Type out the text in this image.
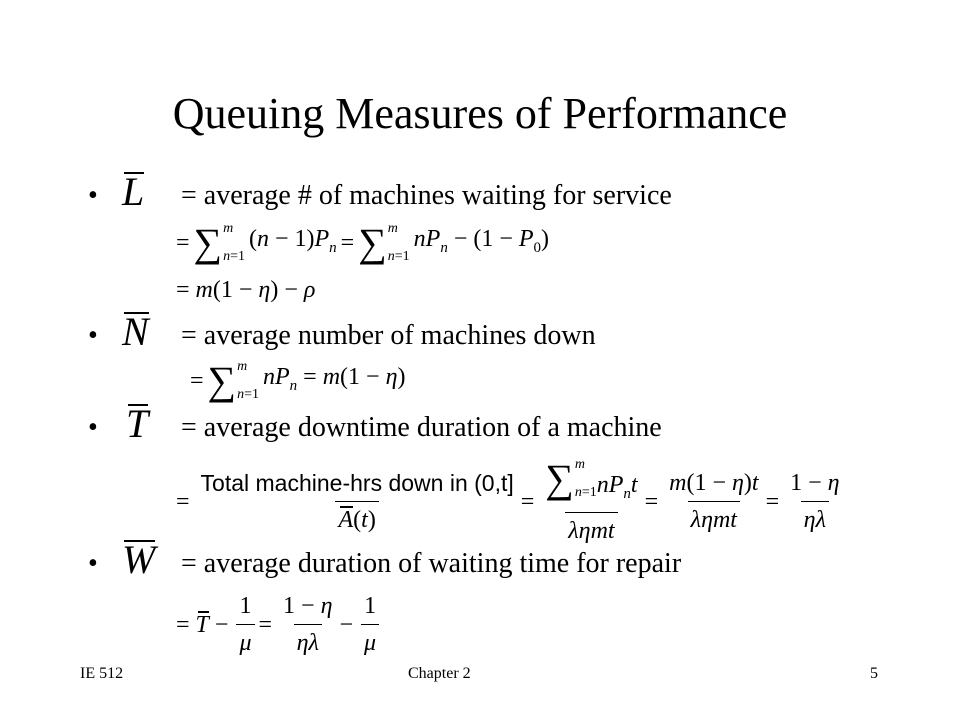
Queuing Measures of Performance
• L = average # of machines waiting for service
= ∑ m
n=1
$(n - 1)P_n$ = ∑ m
n=1
$nP_n - (1 - P_0)$
= m(1 − η) − ρ
• N = average number of machines down
= ∑ m
n=1
$nP_n = m(1 - \eta)$
• T = average downtime duration of a machine
= $\frac{\text{Total machine-hrs down in (0,t]}}{A(t)}$ = ∑ m
n=1 $nP_nt$
$\lambda\eta mt = \frac{m(1 - \eta)t}{\text{ληmt}} = \frac{1 - \eta}{\eta\lambda}$
• W = average duration of waiting time for repair
= $T - \frac{1}{\mu} = \frac{1 - \eta}{\eta\lambda} - \frac{1}{\mu}$
IE 512	Chapter 2	5
